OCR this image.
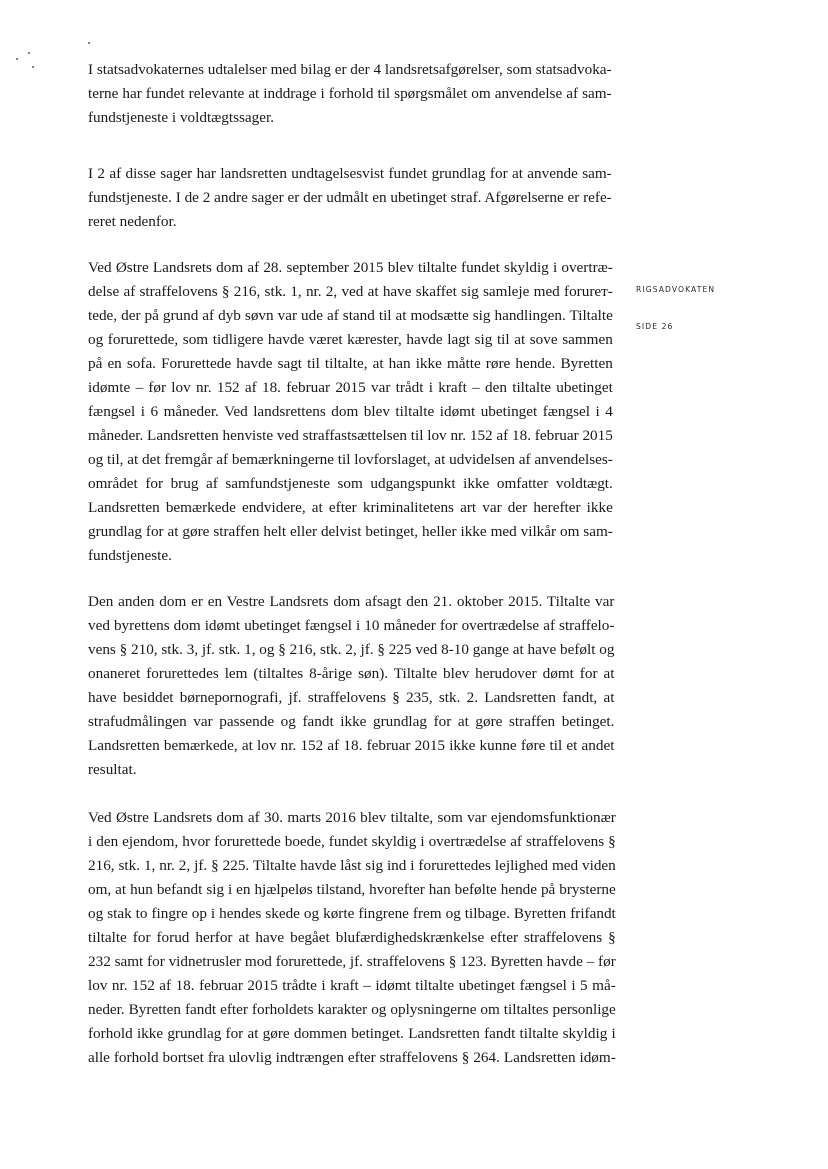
RIGSADVOKATEN
SIDE 26
I statsadvokaternes udtalelser med bilag er der 4 landsretsafgørelser, som statsadvoka-
terne har fundet relevante at inddrage i forhold til spørgsmålet om anvendelse af sam-
fundstjeneste i voldtægtssager.
I 2 af disse sager har landsretten undtagelsesvist fundet grundlag for at anvende sam-
fundstjeneste. I de 2 andre sager er der udmålt en ubetinget straf. Afgørelserne er refe-
reret nedenfor.
Ved Østre Landsrets dom af 28. september 2015 blev tiltalte fundet skyldig i overtræ-
delse af straffelovens § 216, stk. 1, nr. 2, ved at have skaffet sig samleje med forurет-
tede, der på grund af dyb søvn var ude af stand til at modsætte sig handlingen. Tiltalte
og forurettede, som tidligere havde været kærester, havde lagt sig til at sove sammen
på en sofa. Forurettede havde sagt til tiltalte, at han ikke måtte røre hende. Byretten
idømte – før lov nr. 152 af 18. februar 2015 var trådt i kraft – den tiltalte ubetinget
fængsel i 6 måneder. Ved landsrettens dom blev tiltalte idømt ubetinget fængsel i 4
måneder. Landsretten henviste ved straffastsættelsen til lov nr. 152 af 18. februar 2015
og til, at det fremgår af bemærkningerne til lovforslaget, at udvidelsen af anvendelses-
området for brug af samfundstjeneste som udgangspunkt ikke omfatter voldtægt.
Landsretten bemærkede endvidere, at efter kriminalitetens art var der herefter ikke
grundlag for at gøre straffen helt eller delvist betinget, heller ikke med vilkår om sam-
fundstjeneste.
Den anden dom er en Vestre Landsrets dom afsagt den 21. oktober 2015. Tiltalte var
ved byrettens dom idømt ubetinget fængsel i 10 måneder for overtrædelse af straffelo-
vens § 210, stk. 3, jf. stk. 1, og § 216, stk. 2, jf. § 225 ved 8-10 gange at have befølt og
onaneret forurettedes lem (tiltaltes 8-årige søn). Tiltalte blev herudover dømt for at
have besiddet børnepornografi, jf. straffelovens § 235, stk. 2. Landsretten fandt, at
strafudmålingen var passende og fandt ikke grundlag for at gøre straffen betinget.
Landsretten bemærkede, at lov nr. 152 af 18. februar 2015 ikke kunne føre til et andet
resultat.
Ved Østre Landsrets dom af 30. marts 2016 blev tiltalte, som var ejendomsfunktionær
i den ejendom, hvor forurettede boede, fundet skyldig i overtrædelse af straffelovens §
216, stk. 1, nr. 2, jf. § 225. Tiltalte havde låst sig ind i forurettedes lejlighed med viden
om, at hun befandt sig i en hjælpeløs tilstand, hvorefter han befølte hende på brysterne
og stak to fingre op i hendes skede og kørte fingrene frem og tilbage. Byretten frifandt
tiltalte for forud herfor at have begået blufærdighedskrænkelse efter straffelovens §
232 samt for vidnetrusler mod forurettede, jf. straffelovens § 123. Byretten havde – før
lov nr. 152 af 18. februar 2015 trådte i kraft – idømt tiltalte ubetinget fængsel i 5 må-
neder. Byretten fandt efter forholdets karakter og oplysningerne om tiltaltes personlige
forhold ikke grundlag for at gøre dommen betinget. Landsretten fandt tiltalte skyldig i
alle forhold bortset fra ulovlig indtrængen efter straffelovens § 264. Landsretten idøm-
